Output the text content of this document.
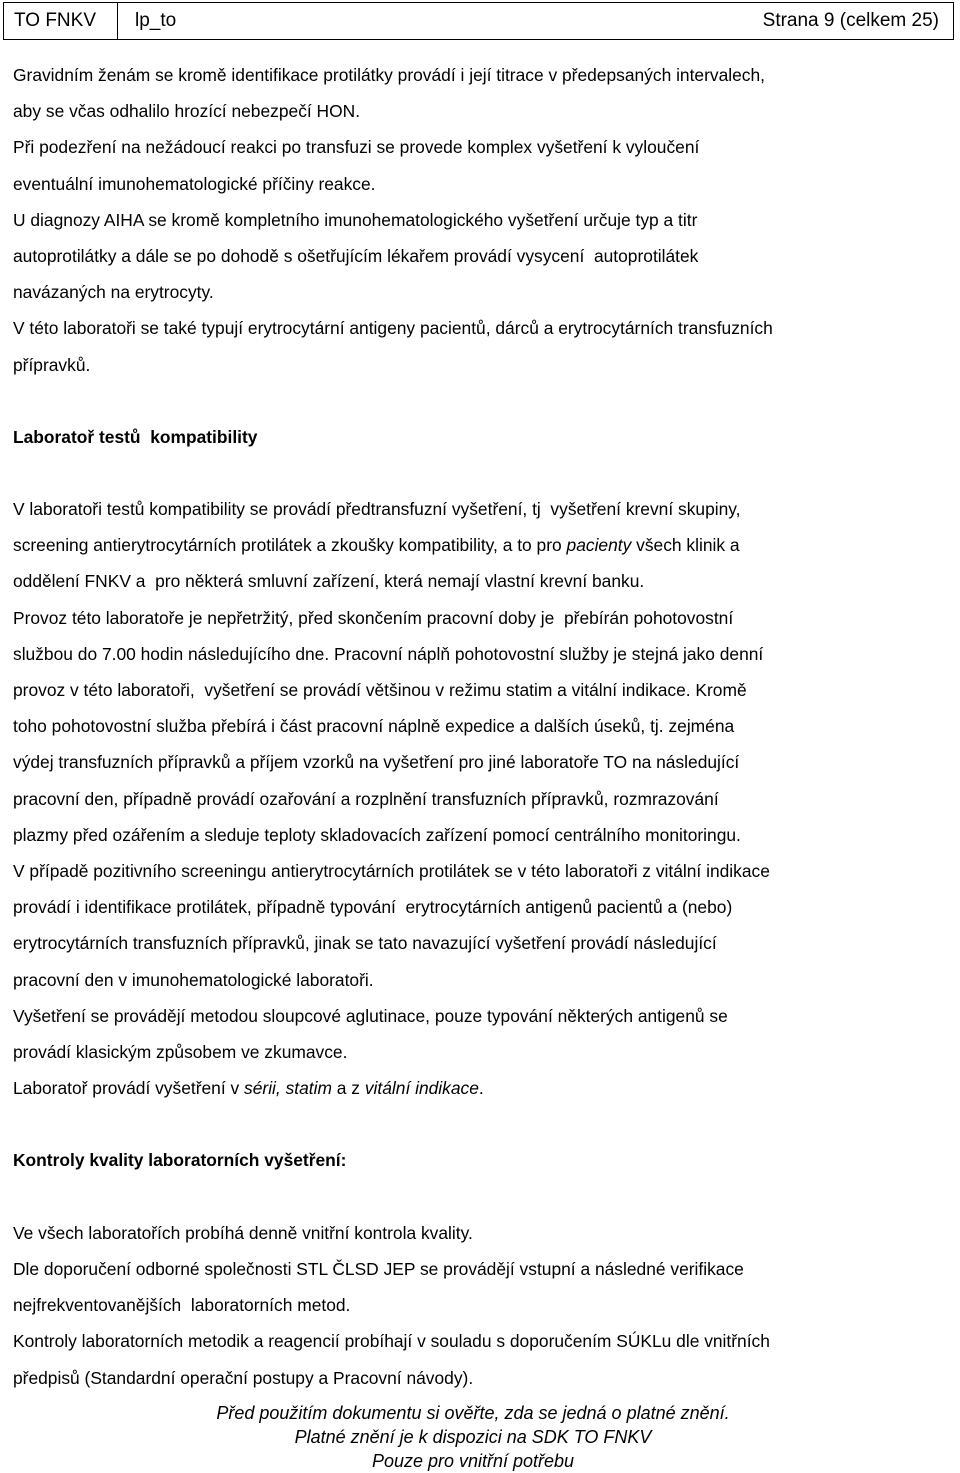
TO FNKV	lp_to	Strana 9 (celkem 25)

Gravidním ženám se kromě identifikace protilátky provádí i její titrace v předepsaných intervalech,

aby se včas odhalilo hrozící nebezpečí HON.

Při podezření na nežádoucí reakci po transfuzi se provede komplex vyšetření k vyloučení

eventuální imunohematologické příčiny reakce.

U diagnozy AIHA se kromě kompletního imunohematologického vyšetření určuje typ a titr

autoprotilátky a dále se po dohodě s ošetřujícím lékařem provádí vysycení  autoprotilátek

navázaných na erytrocyty.

V této laboratoři se také typují erytrocytární antigeny pacientů, dárců a erytrocytárních transfuzních

přípravků.

Laboratoř testů  kompatibility

V laboratoři testů kompatibility se provádí předtransfuzní vyšetření, tj  vyšetření krevní skupiny,

screening antierytrocytárních protilátek a zkoušky kompatibility, a to pro pacienty všech klinik a

oddělení FNKV a  pro některá smluvní zařízení, která nemají vlastní krevní banku.

Provoz této laboratoře je nepřetržitý, před skončením pracovní doby je  přebírán pohotovostní

službou do 7.00 hodin následujícího dne. Pracovní náplň pohotovostní služby je stejná jako denní

provoz v této laboratoři,  vyšetření se provádí většinou v režimu statim a vitální indikace. Kromě

toho pohotovostní služba přebírá i část pracovní náplně expedice a dalších úseků, tj. zejména

výdej transfuzních přípravků a příjem vzorků na vyšetření pro jiné laboratoře TO na následující

pracovní den, případně provádí ozařování a rozplnění transfuzních přípravků, rozmrazování

plazmy před ozářením a sleduje teploty skladovacích zařízení pomocí centrálního monitoringu.

V případě pozitivního screeningu antierytrocytárních protilátek se v této laboratoři z vitální indikace

provádí i identifikace protilátek, případně typování  erytrocytárních antigenů pacientů a (nebo)

erytrocytárních transfuzních přípravků, jinak se tato navazující vyšetření provádí následující

pracovní den v imunohematologické laboratoři.

Vyšetření se provádějí metodou sloupcové aglutinace, pouze typování některých antigenů se

provádí klasickým způsobem ve zkumavce.

Laboratoř provádí vyšetření v sérii, statim a z vitální indikace.

Kontroly kvality laboratorních vyšetření:

Ve všech laboratořích probíhá denně vnitřní kontrola kvality.

Dle doporučení odborné společnosti STL ČLSD JEP se provádějí vstupní a následné verifikace

nejfrekventovanějších  laboratorních metod.

Kontroly laboratorních metodik a reagencií probíhají v souladu s doporučením SÚKLu dle vnitřních

předpisů (Standardní operační postupy a Pracovní návody).

Před použitím dokumentu si ověřte, zda se jedná o platné znění.
Platné znění je k dispozici na SDK TO FNKV
Pouze pro vnitřní potřebu
